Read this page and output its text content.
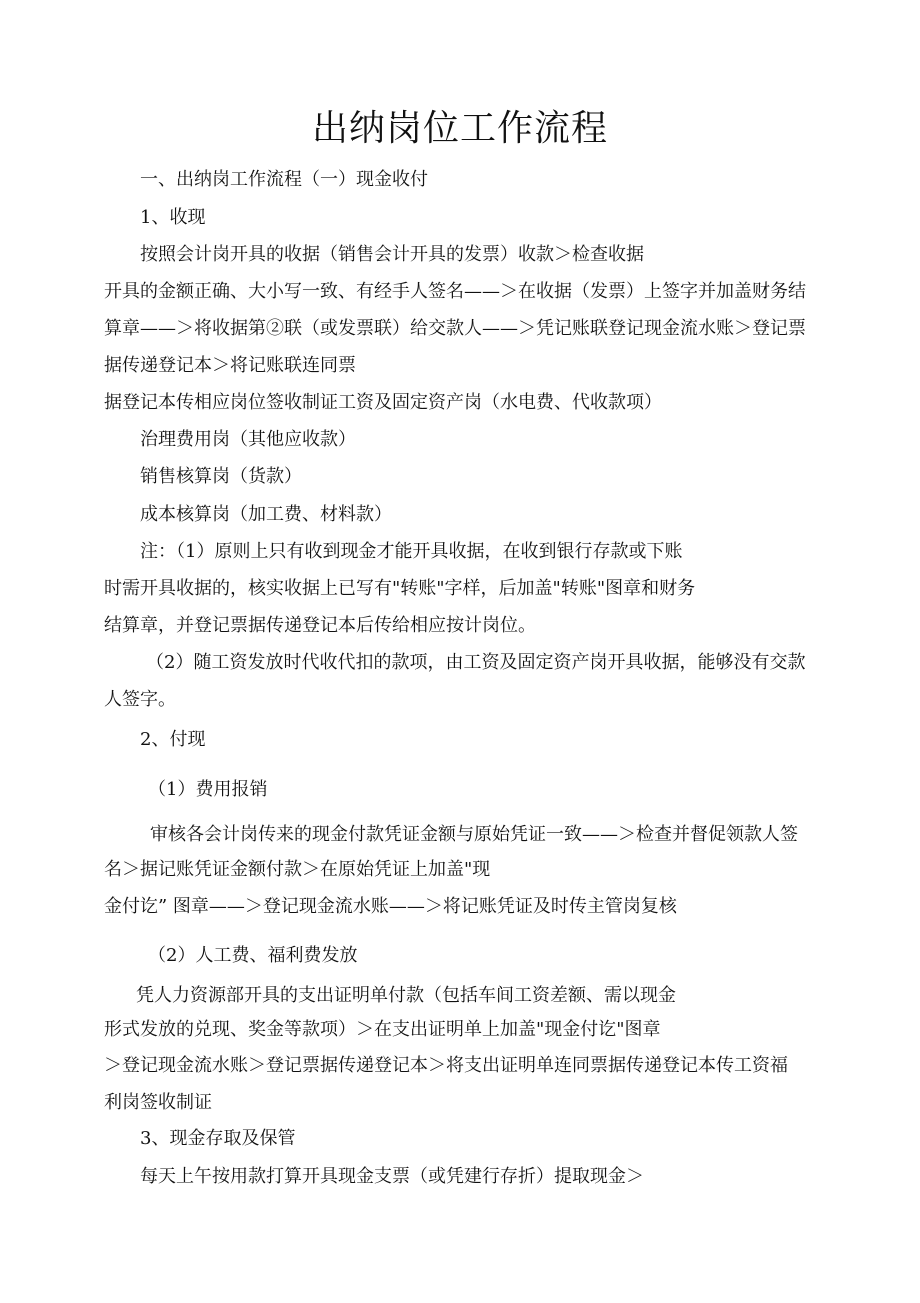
出纳岗位工作流程

一、出纳岗工作流程（一）现金收付

1、收现

按照会计岗开具的收据（销售会计开具的发票）收款＞检查收据

开具的金额正确、大小写一致、有经手人签名——＞在收据（发票）上签字并加盖财务结

算章——＞将收据第②联（或发票联）给交款人——＞凭记账联登记现金流水账＞登记票

据传递登记本＞将记账联连同票

据登记本传相应岗位签收制证工资及固定资产岗（水电费、代收款项）

治理费用岗（其他应收款）

销售核算岗（货款）

成本核算岗（加工费、材料款）

注：（1）原则上只有收到现金才能开具收据，在收到银行存款或下账

时需开具收据的，核实收据上已写有"转账"字样，后加盖"转账"图章和财务

结算章，并登记票据传递登记本后传给相应按计岗位。

（2）随工资发放时代收代扣的款项，由工资及固定资产岗开具收据，能够没有交款

人签字。

2、付现

（1）费用报销

审核各会计岗传来的现金付款凭证金额与原始凭证一致——＞检查并督促领款人签

名＞据记账凭证金额付款＞在原始凭证上加盖"现

金付讫” 图章——＞登记现金流水账——＞将记账凭证及时传主管岗复核

（2）人工费、福利费发放

凭人力资源部开具的支出证明单付款（包括车间工资差额、需以现金

形式发放的兑现、奖金等款项）＞在支出证明单上加盖"现金付讫"图章

＞登记现金流水账＞登记票据传递登记本＞将支出证明单连同票据传递登记本传工资福

利岗签收制证

3、现金存取及保管

每天上午按用款打算开具现金支票（或凭建行存折）提取现金＞
